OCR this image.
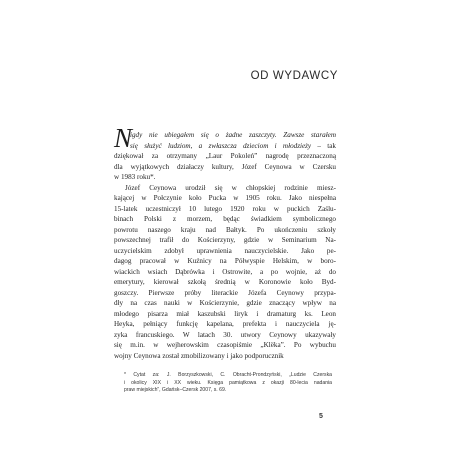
OD WYDAWCY
N
igdy nie ubiegałem się o żadne zaszczyty. Zawsze starałem
się służyć ludziom, a zwłaszcza dzieciom i młodzieży – tak
dziękował za otrzymany „Laur Pokoleń” nagrodę przeznaczoną
dla wyjątkowych działaczy kultury, Józef Ceynowa w Czersku
w 1983 roku*.
Józef Ceynowa urodził się w chłopskiej rodzinie miesz-
kającej w Połczynie koło Pucka w 1905 roku. Jako niespełna
15-latek uczestniczył 10 lutego 1920 roku w puckich Zaślu-
binach Polski z morzem, będąc świadkiem symbolicznego
powrotu naszego kraju nad Bałtyk. Po ukończeniu szkoły
powszechnej trafił do Kościerzyny, gdzie w Seminarium Na-
uczycielskim zdobył uprawnienia nauczycielskie. Jako pe-
dagog pracował w Kuźnicy na Półwyspie Helskim, w boro-
wiackich wsiach Dąbrówka i Ostrowite, a po wojnie, aż do
emerytury, kierował szkołą średnią w Koronowie koło Byd-
goszczy. Pierwsze próby literackie Józefa Ceynowy przypa-
dły na czas nauki w Kościerzynie, gdzie znaczący wpływ na
młodego pisarza miał kaszubski liryk i dramaturg ks. Leon
Heyka, pełniący funkcję kapelana, prefekta i nauczyciela ję-
zyka francuskiego. W latach 30. utwory Ceynowy ukazywały
się m.in. w wejherowskim czasopiśmie „Klëka”. Po wybuchu
wojny Ceynowa został zmobilizowany i jako podporucznik
* Cytat za: J. Borzyszkowski, C. Obracht-Prondzyński, „Ludzie Czerska
i okolicy XIX i XX wieku. Księga pamiątkowa z okazji 80-lecia nadania
praw miejskich”, Gdańsk–Czersk 2007, s. 69.
5
